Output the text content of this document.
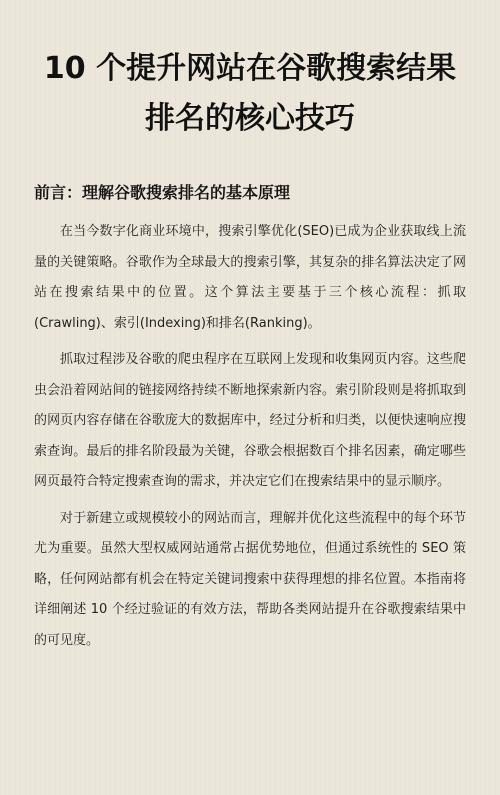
10 个提升网站在谷歌搜索结果
排名的核心技巧
前言：理解谷歌搜索排名的基本原理

在当今数字化商业环境中，搜索引擎优化(SEO)已成为企业获取线上流量的关键策略。谷歌作为全球最大的搜索引擎，其复杂的排名算法决定了网站在搜索结果中的位置。这个算法主要基于三个核心流程：抓取(Crawling)、索引(Indexing)和排名(Ranking)。

抓取过程涉及谷歌的爬虫程序在互联网上发现和收集网页内容。这些爬虫会沿着网站间的链接网络持续不断地探索新内容。索引阶段则是将抓取到的网页内容存储在谷歌庞大的数据库中，经过分析和归类，以便快速响应搜索查询。最后的排名阶段最为关键，谷歌会根据数百个排名因素，确定哪些网页最符合特定搜索查询的需求，并决定它们在搜索结果中的显示顺序。

对于新建立或规模较小的网站而言，理解并优化这些流程中的每个环节尤为重要。虽然大型权威网站通常占据优势地位，但通过系统性的 SEO 策略，任何网站都有机会在特定关键词搜索中获得理想的排名位置。本指南将详细阐述 10 个经过验证的有效方法，帮助各类网站提升在谷歌搜索结果中的可见度。
